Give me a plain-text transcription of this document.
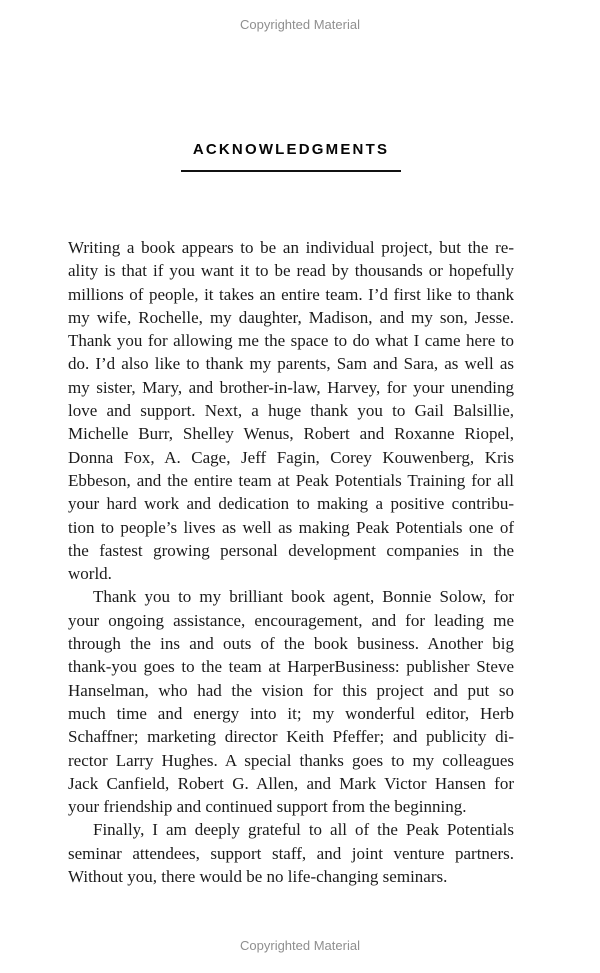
Copyrighted Material
ACKNOWLEDGMENTS
Writing a book appears to be an individual project, but the re-
ality is that if you want it to be read by thousands or hopefully
millions of people, it takes an entire team. I’d first like to thank
my wife, Rochelle, my daughter, Madison, and my son, Jesse.
Thank you for allowing me the space to do what I came here to
do. I’d also like to thank my parents, Sam and Sara, as well as
my sister, Mary, and brother-in-law, Harvey, for your unending
love and support. Next, a huge thank you to Gail Balsillie,
Michelle Burr, Shelley Wenus, Robert and Roxanne Riopel,
Donna Fox, A. Cage, Jeff Fagin, Corey Kouwenberg, Kris
Ebbeson, and the entire team at Peak Potentials Training for all
your hard work and dedication to making a positive contribu-
tion to people’s lives as well as making Peak Potentials one of
the fastest growing personal development companies in the
world.
Thank you to my brilliant book agent, Bonnie Solow, for
your ongoing assistance, encouragement, and for leading me
through the ins and outs of the book business. Another big
thank-you goes to the team at HarperBusiness: publisher Steve
Hanselman, who had the vision for this project and put so
much time and energy into it; my wonderful editor, Herb
Schaffner; marketing director Keith Pfeffer; and publicity di-
rector Larry Hughes. A special thanks goes to my colleagues
Jack Canfield, Robert G. Allen, and Mark Victor Hansen for
your friendship and continued support from the beginning.
Finally, I am deeply grateful to all of the Peak Potentials
seminar attendees, support staff, and joint venture partners.
Without you, there would be no life-changing seminars.
Copyrighted Material
